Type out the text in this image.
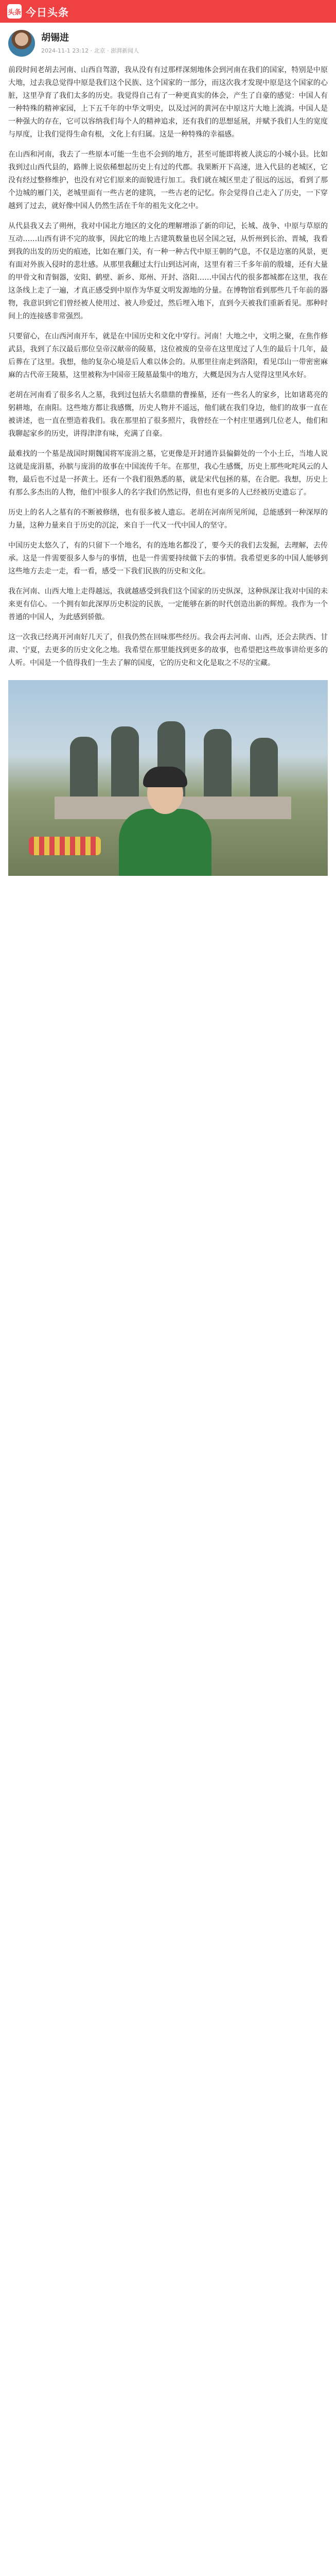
头条 今日头条
胡锡进
2024-11-1 23:12 · 北京 · 澎湃新闻人

前段时间老胡去河南、山西自驾游，我从没有有过那样深刻地体会到河南在我们的国家，特别是中原大地，过去我总觉得中原是我们这个民族、这个国家的一部分，而这次我才发现中原是这个国家的心脏，这里孕育了我们太多的历史。我觉得自己有了一种更真实的体会，产生了自豪的感觉：中国人有一种特殊的精神家园，上下五千年的中华文明史，以及过河的黄河在中原这片大地上流淌。中国人是一种强大的存在，它可以容纳我们每个人的精神追求，还有我们的思想延展，并赋予我们人生的宽度与厚度，让我们觉得生命有根，文化上有归属。这是一种特殊的幸福感。

在山西和河南，我去了一些原本可能一生也不会到的地方，甚至可能即将被人淡忘的小城小县。比如我到过山西代县的，路牌上说依稀想起历史上有过的代郡。我果断开下高速，进入代县的老城区，它没有经过整修维护，也没有对它们原来的面貌进行加工。我们就在城区里走了很远的远远，看到了那个边城的雁门关，老城里面有一些古老的建筑，一些古老的记忆。你会觉得自己走入了历史，一下穿越到了过去，就好像中国人仍然生活在千年的祖先文化之中。

从代县我又去了朔州，我对中国北方地区的文化的理解增添了新的印记，长城、战争、中原与草原的互动……山西有讲不完的故事，因此它的地上古建筑数量也居全国之冠，从忻州到长治、晋城，我看到我的出发的历史的痕迹，比如在雁门关，有一种一种古代中原王朝的气息，不仅是边塞的风景，更有面对外族入侵时的悲壮感。从那里我翻过太行山到达河南，这里有着三千多年前的殷墟，还有大量的甲骨文和青铜器，安阳、鹤壁、新乡、郑州、开封、洛阳……中国古代的很多都城都在这里，我在这条线上走了一遍，才真正感受到中原作为华夏文明发源地的分量。在博物馆看到那些几千年前的器物，我意识到它们曾经被人使用过、被人珍爱过，然后埋入地下，直到今天被我们重新看见。那种时间上的连接感非常强烈。

只要留心，在山西河南开车，就是在中国历史和文化中穿行。河南！大地之中，文明之聚，在焦作修武县，我到了东汉最后那位皇帝汉献帝的陵墓，这位被废的皇帝在这里度过了人生的最后十几年，最后葬在了这里。我想，他的复杂心境是后人难以体会的。从那里往南走到洛阳，看见邙山一带密密麻麻的古代帝王陵墓，这里被称为中国帝王陵墓最集中的地方，大概是因为古人觉得这里风水好。

老胡在河南看了很多名人之墓，我到过包括大名鼎鼎的曹操墓，还有一些名人的家乡，比如诸葛亮的躬耕地，在南阳。这些地方都让我感慨，历史人物并不遥远，他们就在我们身边，他们的故事一直在被讲述，也一直在塑造着我们。我在那里拍了很多照片，我曾经在一个村庄里遇到几位老人，他们和我聊起家乡的历史，讲得津津有味，充满了自豪。

最难找的一个墓是战国时期魏国将军庞涓之墓，它更像是开封通许县偏僻处的一个小土丘，当地人说这就是庞涓墓，孙膑与庞涓的故事在中国流传千年。在那里，我心生感慨，历史上那些叱咤风云的人物，最后也不过是一抔黄土。还有一个我们很熟悉的墓，就是宋代包拯的墓，在合肥。我想，历史上有那么多杰出的人物，他们中很多人的名字我们仍然记得，但也有更多的人已经被历史遗忘了。

历史上的名人之墓有的不断被修缮，也有很多被人遗忘。老胡在河南所见所闻，总能感到一种深厚的力量，这种力量来自于历史的沉淀，来自于一代又一代中国人的坚守。

中国历史太悠久了，有的只留下一个地名，有的连地名都没了，要今天的我们去发掘，去理解，去传承。这是一件需要很多人参与的事情，也是一件需要持续做下去的事情。我希望更多的中国人能够到这些地方去走一走，看一看，感受一下我们民族的历史和文化。

我在河南、山西大地上走得越远，我就越感受到我们这个国家的历史纵深，这种纵深让我对中国的未来更有信心。一个拥有如此深厚历史积淀的民族，一定能够在新的时代创造出新的辉煌。我作为一个普通的中国人，为此感到骄傲。

这一次我已经离开河南好几天了，但我仍然在回味那些经历。我会再去河南、山西，还会去陕西、甘肃、宁夏，去更多的历史文化之地。我希望在那里能找到更多的故事，也希望把这些故事讲给更多的人听。中国是一个值得我们一生去了解的国度，它的历史和文化是取之不尽的宝藏。
